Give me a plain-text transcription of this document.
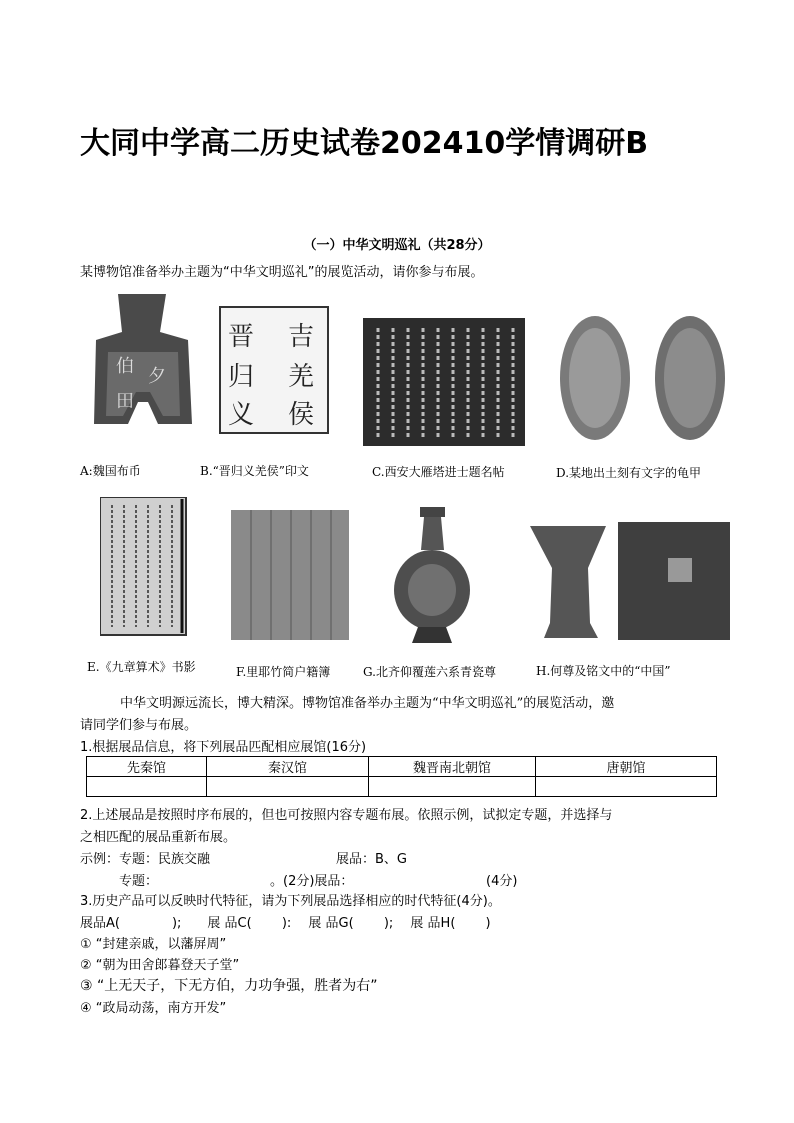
大同中学高二历史试卷202410学情调研B
（一）中华文明巡礼（共28分）
某博物馆准备举办主题为“中华文明巡礼”的展览活动，请你参与布展。
伯 夕
田
吉
羌
侯
晋
归
义
A:魏国布币	B.“晋归义羌侯”印文	C.西安大雁塔进士题名帖	D.某地出土刻有文字的龟甲
E.《九章算术》书影	F.里耶竹简户籍簿	G.北齐仰覆莲六系青瓷尊	H.何尊及铭文中的“中国”
中华文明源远流长，博大精深。博物馆准备举办主题为“中华文明巡礼”的展览活动，邀
请同学们参与布展。
1.根据展品信息，将下列展品匹配相应展馆(16分)
先秦馆	秦汉馆	魏晋南北朝馆	唐朝馆

2.上述展品是按照时序布展的，但也可按照内容专题布展。依照示例，试拟定专题，并选择与
之相匹配的展品重新布展。
示例：专题：民族交融	展品：B、G
专题：	。(2分)展品：	(4分)
3.历史产品可以反映时代特征，请为下列展品选择相应的时代特征(4分)。
展品A(　　　　);　　展 品C(　　 ):　 展 品G(　　 );　 展 品H(　　 )
① “封建亲戚，以藩屏周”
② “朝为田舍郎暮登天子堂”
③ “上无天子，下无方伯，力功争强，胜者为右”
④ “政局动荡，南方开发”
